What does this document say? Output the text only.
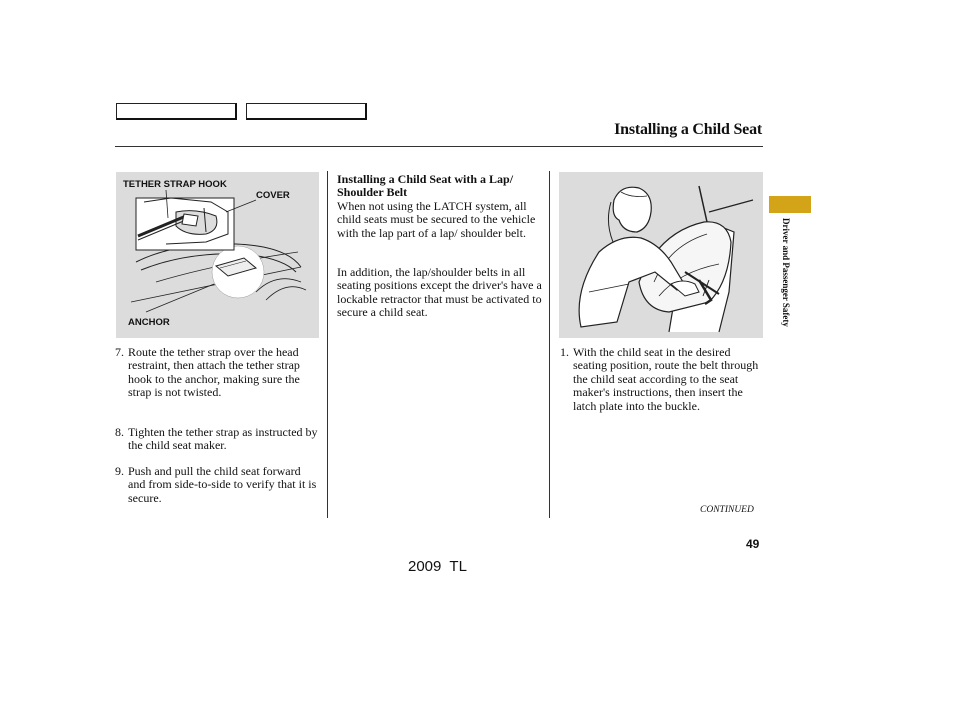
Installing a Child Seat
TETHER STRAP HOOK
COVER
ANCHOR
7. Route the tether strap over the head restraint, then attach the tether strap hook to the anchor, making sure the strap is not twisted.
8. Tighten the tether strap as instructed by the child seat maker.
9. Push and pull the child seat forward and from side-to-side to verify that it is secure.
Installing a Child Seat with a Lap/ Shoulder Belt

When not using the LATCH system, all child seats must be secured to the vehicle with the lap part of a lap/ shoulder belt.

In addition, the lap/shoulder belts in all seating positions except the driver's have a lockable retractor that must be activated to secure a child seat.

1. With the child seat in the desired seating position, route the belt through the child seat according to the seat maker's instructions, then insert the latch plate into the buckle.
CONTINUED
Driver and Passenger Safety
49
2009  TL
